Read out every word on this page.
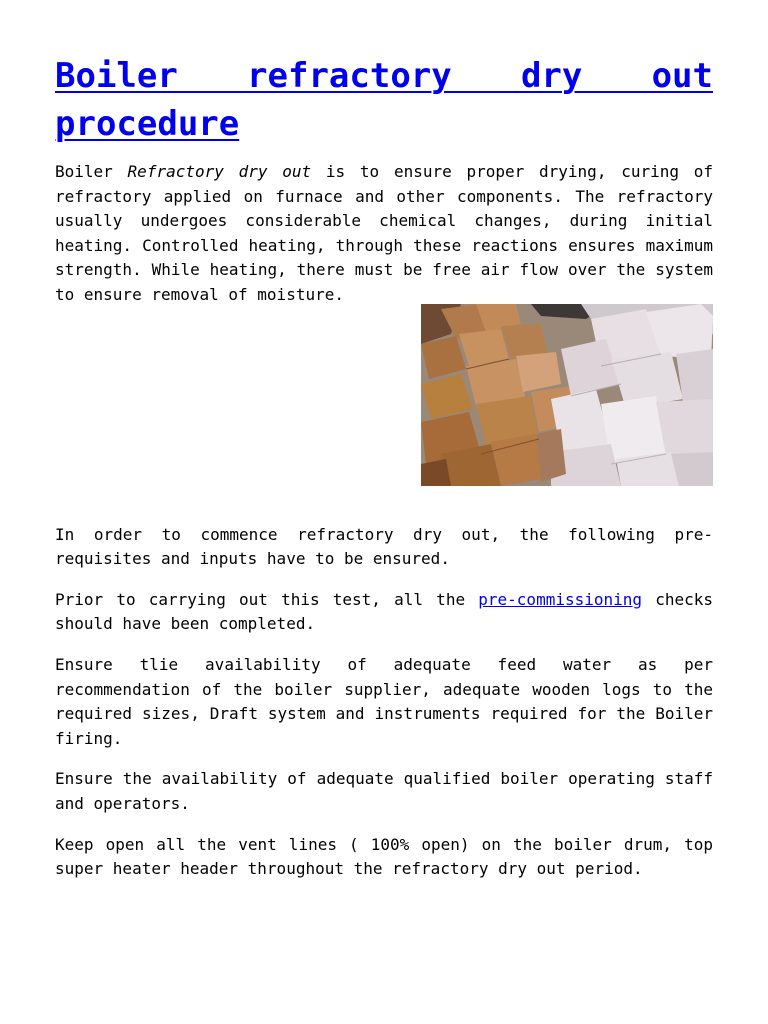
Boiler refractory dry out procedure

Boiler Refractory dry out is to ensure proper drying, curing of refractory applied on furnace and other components. The refractory usually undergoes considerable chemical changes, during initial heating. Controlled heating, through these reactions ensures maximum strength. While heating, there must be free air flow over the system to ensure removal of moisture.

In order to commence refractory dry out, the following pre-requisites and inputs have to be ensured.

Prior to carrying out this test, all the pre-commissioning checks should have been completed.

Ensure tlie availability of adequate feed water as per recommendation of the boiler supplier, adequate wooden logs to the required sizes, Draft system and instruments required for the Boiler firing.

Ensure the availability of adequate qualified boiler operating staff and operators.

Keep open all the vent lines ( 100% open) on the boiler drum, top super heater header throughout the refractory dry out period.
